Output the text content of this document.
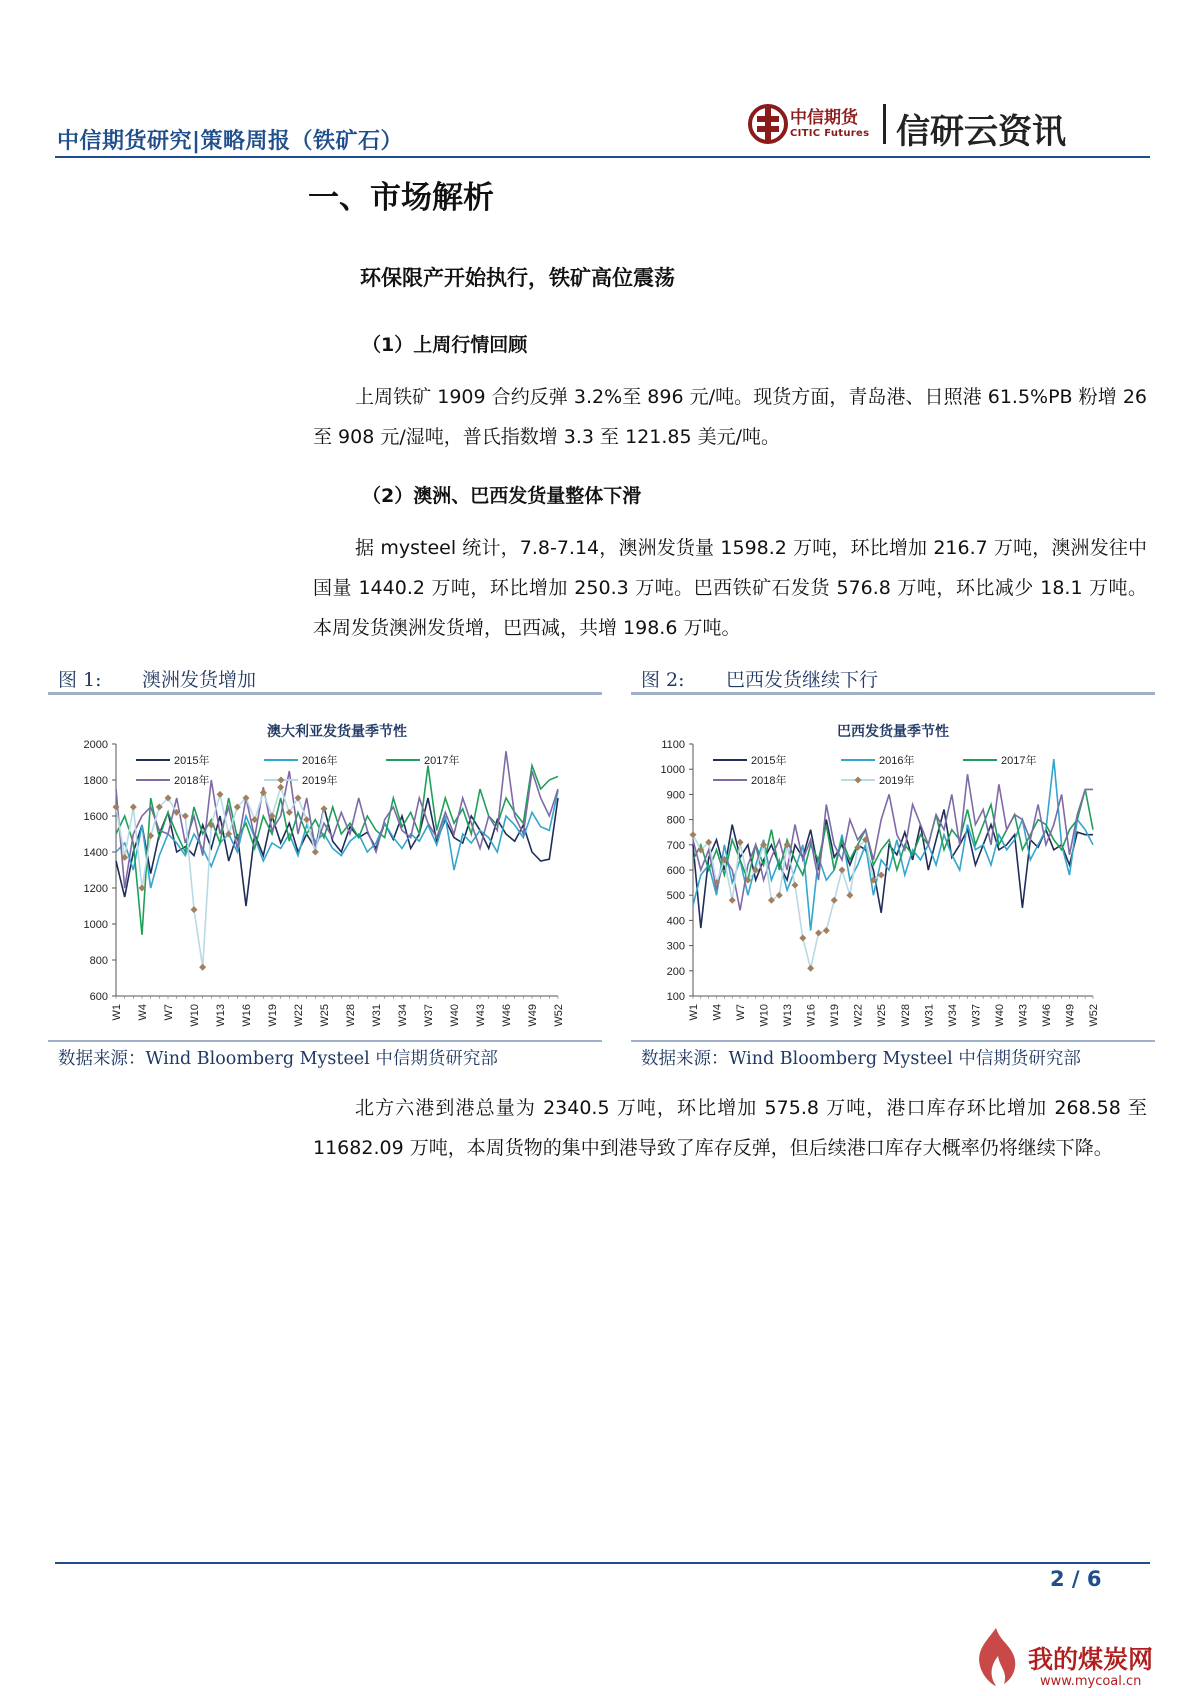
中信期货研究|策略周报（铁矿石）
中信期货
CITIC Futures 信研云资讯
一、市场解析
环保限产开始执行，铁矿高位震荡
（1）上周行情回顾
上周铁矿 1909 合约反弹 3.2%至 896 元/吨。现货方面，青岛港、日照港 61.5%PB 粉增 26 至 908 元/湿吨，普氏指数增 3.3 至 121.85 美元/吨。
（2）澳洲、巴西发货量整体下滑
据 mysteel 统计，7.8-7.14，澳洲发货量 1598.2 万吨，环比增加 216.7 万吨，澳洲发往中国量 1440.2 万吨，环比增加 250.3 万吨。巴西铁矿石发货 576.8 万吨，环比减少 18.1 万吨。本周发货澳洲发货增，巴西减，共增 198.6 万吨。
图 1: 澳洲发货增加
澳大利亚发货量季节性
600
800
1000
1200
1400
1600
1800
2000
W1 W4 W7 W10 W13 W16 W19 W22 W25 W28 W31 W34 W37 W40 W43 W46 W49 W52
2015年	2016年	2017年
2018年	2019年
数据来源：Wind Bloomberg Mysteel 中信期货研究部
图 2: 巴西发货继续下行
巴西发货量季节性
100
200
300
400
500
600
700
800
900
1000
1100
W1 W4 W7 W10 W13 W16 W19 W22 W25 W28 W31 W34 W37 W40 W43 W46 W49 W52
2015年	2016年	2017年
2018年	2019年
数据来源：Wind Bloomberg Mysteel 中信期货研究部
北方六港到港总量为 2340.5 万吨，环比增加 575.8 万吨，港口库存环比增加 268.58 至 11682.09 万吨，本周货物的集中到港导致了库存反弹，但后续港口库存大概率仍将继续下降。
2 / 6
我的煤炭网
www.mycoal.cn
